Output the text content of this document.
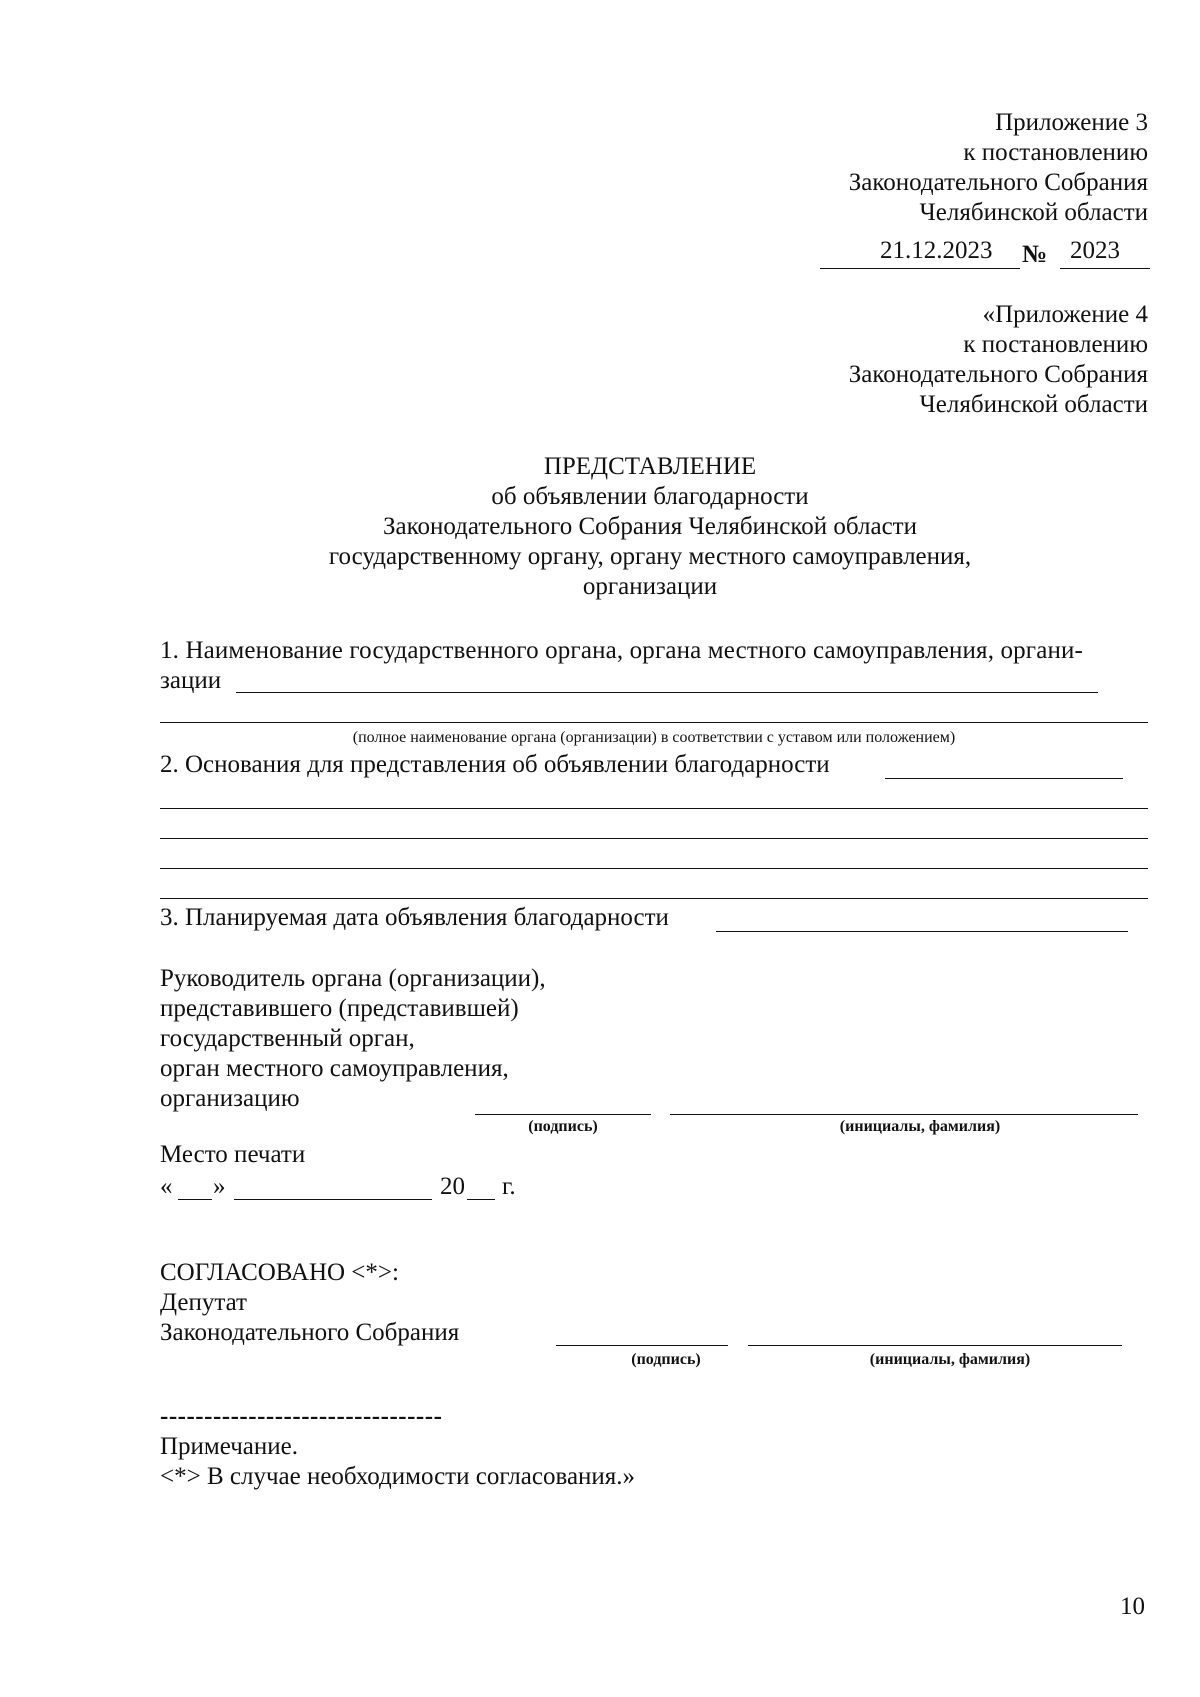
Приложение 3
к постановлению
Законодательного Собрания
Челябинской области
21.12.2023 № 2023
«Приложение 4
к постановлению
Законодательного Собрания
Челябинской области
ПРЕДСТАВЛЕНИЕ
об объявлении благодарности
Законодательного Собрания Челябинской области
государственному органу, органу местного самоуправления,
организации
1. Наименование государственного органа, органа местного самоуправления, органи-
зации
(полное наименование органа (организации) в соответствии с уставом или положением)
2. Основания для представления об объявлении благодарности
3. Планируемая дата объявления благодарности
Руководитель органа (организации),
представившего (представившей)
государственный орган,
орган местного самоуправления,
организацию
(подпись)	(инициалы, фамилия)
Место печати
« »	20 г.
СОГЛАСОВАНО <*>:
Депутат
Законодательного Собрания
(подпись)	(инициалы, фамилия)
--------------------------------
Примечание.
<*> В случае необходимости согласования.»
10
